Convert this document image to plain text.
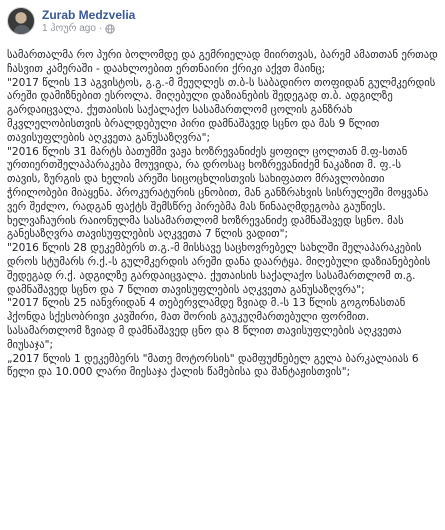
Zurab Medzvelia
1 ჰოურ ago ·

სამართალმა რო პური ბოლომდე და გემრიელად მიირთვას, ბარემ ამათთან ერთად ჩასვით კამერაში - დაახლოებით ერთნაირი ქრიკი აქვთ მაინც;

"2017 წლის 13 აგვისტოს, გ.გ.-მ მეუღლეს თ.ბ-ს საბადირო თოფიდან გულმკერდის არეში დამიზნებით ესროლა. მიღებული დაზიანების შედეგად თ.ბ. ადგილზე გარდაიცვალა. ქუთაისის საქალაქო სასამართლომ ცოლის განზრახ მკვლელობისთვის ბრალდებული პირი დამნაშავედ სცნო და მას 9 წლით თავისუფლების აღკვეთა განუსაზღვრა";

"2016 წლის 31 მარტს ბათუმში ვაჟა ხოზრევანიძეს ყოფილ ცოლთან მ.ფ-სთან ურთიერთშელაპარაკება მოუვიდა, რა დროსაც ხოზრევანიძემ ნაკაზით მ. ფ.-ს თავის, ზურგის და ხელის არეში სიცოცხლისთვის სახიფათო მრავლობითი ჭრილობები მიაყენა. პროკურატურის ცნობით, მან განზრახვის სისრულეში მოყვანა ვერ შეძლო, რადგან ფაქტს შემსწრე პირებმა მას წინააღმდეგობა გაუწიეს. ხელვაჩაურის რაიონულმა სასამართლომ ხოზრევანიძე დამნაშავედ სცნო. მას განესაზღვრა თავისუფლების აღკვეთა 7 წლის ვადით";

"2016 წლის 28 დეკემბერს თ.გ.-მ მისსავე საცხოვრებელ სახლში შელაპარაკების დროს სტუმარს რ.ქ.-ს გულმკერდის არეში დანა დაარტყა. მიღებული დაზიანებების შედეგად რ.ქ. ადგილზე გარდაიცვალა. ქუთაისის საქალაქო სასამართლომ თ.გ. დამნაშავედ სცნო და 7 წლით თავისუფლების აღკვეთა განუსაზღვრა";

"2017 წლის 25 იანვრიდან 4 თებერვლამდე ზვიად მ.-ს 13 წლის გოგონასთან ჰქონდა სქესობრივი კავშირი, მათ შორის გაუკუღმართებული ფორმით. სასამართლომ ზვიად მ დამნაშავედ ცნო და 8 წლით თავისუფლების აღკვეთა მიუსაჯა";

„2017 წლის 1 დეკემბერს "მათე მოტორსის" დამფუძნებელ გელა ბარკალაიას 6 წელი და 10.000 ლარი მიესაჯა ქალის წამებისა და შანტაჟისთვის";
